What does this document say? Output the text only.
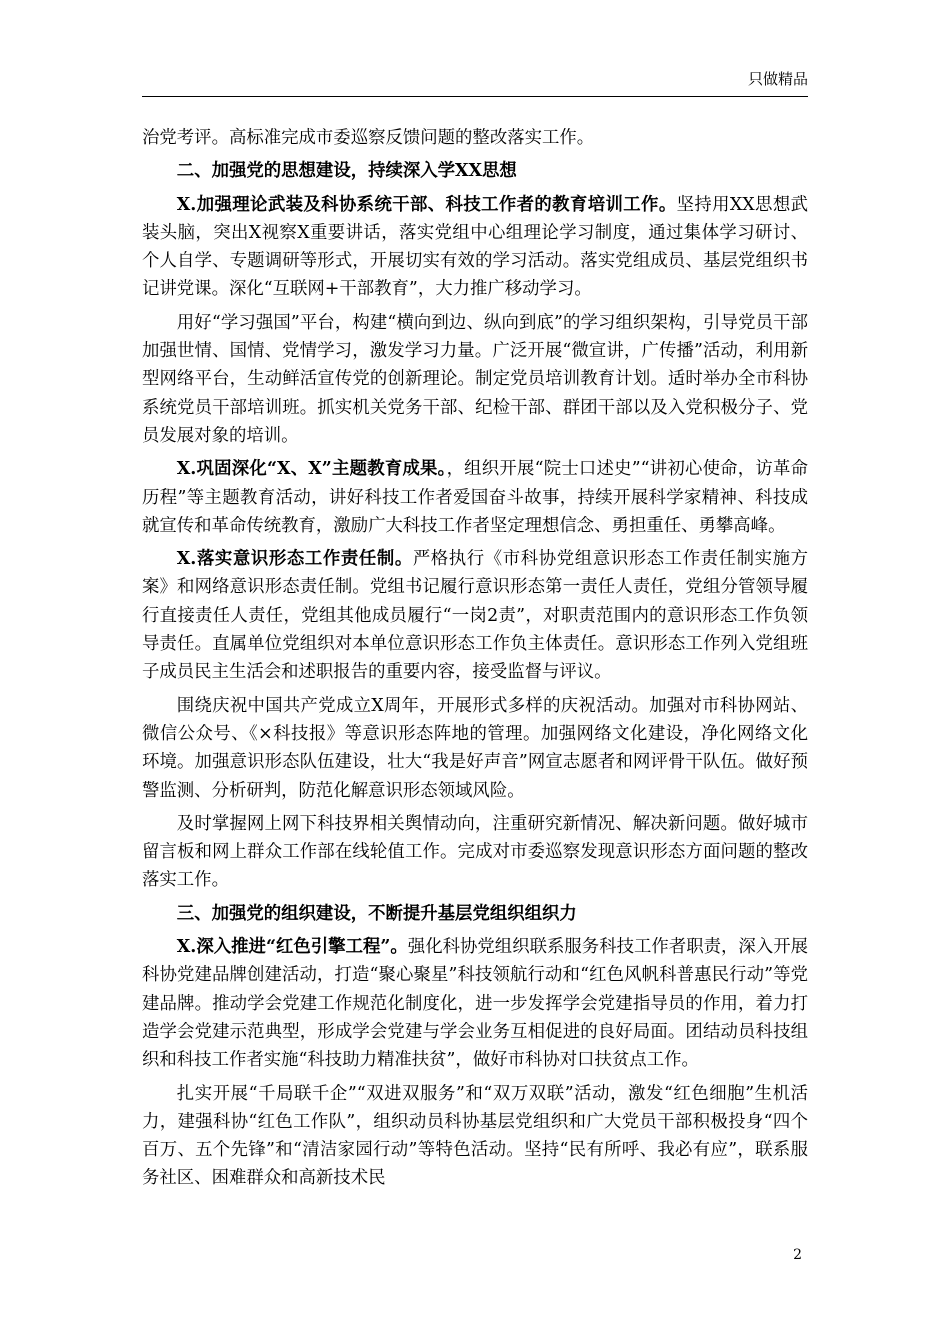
只做精品

治党考评。高标准完成市委巡察反馈问题的整改落实工作。

二、加强党的思想建设，持续深入学XX思想

X.加强理论武装及科协系统干部、科技工作者的教育培训工作。坚持用XX思想武装头脑，突出X视察X重要讲话，落实党组中心组理论学习制度，通过集体学习研讨、个人自学、专题调研等形式，开展切实有效的学习活动。落实党组成员、基层党组织书记讲党课。深化“互联网+干部教育”，大力推广移动学习。

用好“学习强国”平台，构建“横向到边、纵向到底”的学习组织架构，引导党员干部加强世情、国情、党情学习，激发学习力量。广泛开展“微宣讲，广传播”活动，利用新型网络平台，生动鲜活宣传党的创新理论。制定党员培训教育计划。适时举办全市科协系统党员干部培训班。抓实机关党务干部、纪检干部、群团干部以及入党积极分子、党员发展对象的培训。

X.巩固深化“X、X”主题教育成果。，组织开展“院士口述史”“讲初心使命，访革命历程”等主题教育活动，讲好科技工作者爱国奋斗故事，持续开展科学家精神、科技成就宣传和革命传统教育，激励广大科技工作者坚定理想信念、勇担重任、勇攀高峰。

X.落实意识形态工作责任制。严格执行《市科协党组意识形态工作责任制实施方案》和网络意识形态责任制。党组书记履行意识形态第一责任人责任，党组分管领导履行直接责任人责任，党组其他成员履行“一岗2责”，对职责范围内的意识形态工作负领导责任。直属单位党组织对本单位意识形态工作负主体责任。意识形态工作列入党组班子成员民主生活会和述职报告的重要内容，接受监督与评议。

围绕庆祝中国共产党成立X周年，开展形式多样的庆祝活动。加强对市科协网站、微信公众号、《×科技报》等意识形态阵地的管理。加强网络文化建设，净化网络文化环境。加强意识形态队伍建设，壮大“我是好声音”网宣志愿者和网评骨干队伍。做好预警监测、分析研判，防范化解意识形态领域风险。

及时掌握网上网下科技界相关舆情动向，注重研究新情况、解决新问题。做好城市留言板和网上群众工作部在线轮值工作。完成对市委巡察发现意识形态方面问题的整改落实工作。

三、加强党的组织建设，不断提升基层党组织组织力

X.深入推进“红色引擎工程”。强化科协党组织联系服务科技工作者职责，深入开展科协党建品牌创建活动，打造“聚心聚星”科技领航行动和“红色风帆科普惠民行动”等党建品牌。推动学会党建工作规范化制度化，进一步发挥学会党建指导员的作用，着力打造学会党建示范典型，形成学会党建与学会业务互相促进的良好局面。团结动员科技组织和科技工作者实施“科技助力精准扶贫”，做好市科协对口扶贫点工作。

扎实开展“千局联千企”“双进双服务”和“双万双联”活动，激发“红色细胞”生机活力，建强科协“红色工作队”，组织动员科协基层党组织和广大党员干部积极投身“四个百万、五个先锋”和“清洁家园行动”等特色活动。坚持“民有所呼、我必有应”，联系服务社区、困难群众和高新技术民

2
